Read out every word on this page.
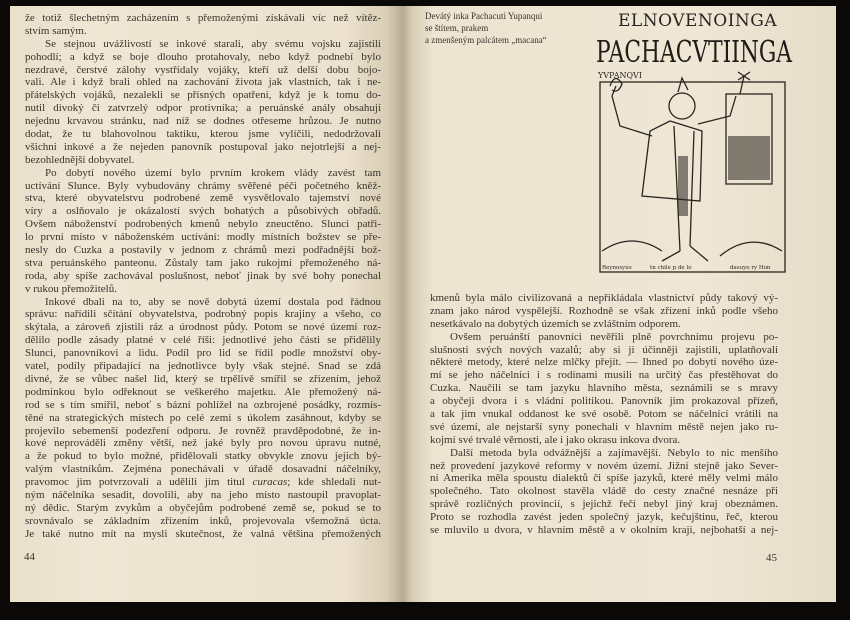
že totiž šlechetným zacházením s přemoženými získávali víc než vítěz-
stvím samým.
Se stejnou uvážlivostí se inkové starali, aby svému vojsku zajistili
pohodlí; a když se boje dlouho protahovaly, nebo když podnebí bylo
nezdravé, čerstvé zálohy vystřídaly vojáky, kteří už delší dobu bojo-
vali. Ale i když brali ohled na zachování života jak vlastních, tak i ne-
přátelských vojáků, nezalekli se přísných opatření, když je k tomu do-
nutil divoký či zatvrzelý odpor protivníka; a peruánské anály obsahují
nejednu krvavou stránku, nad níž se dodnes otřeseme hrůzou. Je nutno
dodat, že tu blahovolnou taktiku, kterou jsme vylíčili, nedodržovali
všichni inkové a že nejeden panovník postupoval jako nejotrlejší a nej-
bezohlednější dobyvatel.
Po dobytí nového území bylo prvním krokem vlády zavést tam
uctívání Slunce. Byly vybudovány chrámy svěřené péči početného kněž-
stva, které obyvatelstvu podrobené země vysvětlovalo tajemství nové
víry a oslňovalo je okázalostí svých bohatých a působivých obřadů.
Ovšem náboženství podrobených kmenů nebylo zneuctěno. Slunci patři-
lo první místo v náboženském uctívání: modly místních božstev se pře-
nesly do Cuzka a postavily v jednom z chrámů mezi podřadnější bož-
stva peruánského panteonu. Zůstaly tam jako rukojmí přemoženého ná-
roda, aby spíše zachovával poslušnost, neboť jinak by své bohy ponechal
v rukou přemožitelů.
Inkové dbali na to, aby se nově dobytá území dostala pod řádnou
správu: nařídili sčítání obyvatelstva, podrobný popis krajiny a všeho, co
skýtala, a zároveň zjistili ráz a úrodnost půdy. Potom se nové území roz-
dělilo podle zásady platné v celé říši: jednotlivé jeho části se přidělily
Slunci, panovníkovi a lidu. Podíl pro lid se řídil podle množství oby-
vatel, podíly připadající na jednotlivce byly však stejné. Snad se zdá
divné, že se vůbec našel lid, který se trpělivě smířil se zřízením, jehož
podmínkou bylo odřeknout se veškerého majetku. Ale přemožený ná-
rod se s tím smířil, neboť s bázní pohlížel na ozbrojené posádky, rozmís-
těné na strategických místech po celé zemi s úkolem zasáhnout, kdyby se
projevilo sebemenší podezření odporu. Je rovněž pravděpodobné, že in-
kové neprováděli změny větší, než jaké byly pro novou úpravu nutné,
a že pokud to bylo možné, přidělovali statky obvykle znovu jejich bý-
valým vlastníkům. Zejména ponechávali v úřadě dosavadní náčelníky,
pravomoc jim potvrzovali a udělili jim titul curacas; kde shledali nut-
ným náčelníka sesadit, dovolili, aby na jeho místo nastoupil pravoplat-
ný dědic. Starým zvykům a obyčejům podrobené země se, pokud se to
srovnávalo se základním zřízením inků, projevovala všemožná úcta.
Je také nutno mít na mysli skutečnost, že valná většina přemožených
44
Devátý inka Pachacuti Yupanqui
se štítem, prakem
a zmenšeným palcátem „macana“
ELNOVENOINGA
PACHACVTIINGA
YVPANQVI
Reynosyus	tn chile p de lo	dasuyo ry Hon
kmenů byla málo civilizovaná a nepřikládala vlastnictví půdy takový vý-
znam jako národ vyspělejší. Rozhodně se však zřízení inků podle všeho
nesetkávalo na dobytých územích se zvláštním odporem.
Ovšem peruánští panovníci nevěřili plně povrchnímu projevu po-
slušnosti svých nových vazalů; aby si ji účinněji zajistili, uplatňovali
některé metody, které nelze mlčky přejít. — Ihned po dobytí nového úze-
mí se jeho náčelníci i s rodinami musili na určitý čas přestěhovat do
Cuzka. Naučili se tam jazyku hlavního města, seznámili se s mravy
a obyčeji dvora i s vládní politikou. Panovník jim prokazoval přízeň,
a tak jim vnukal oddanost ke své osobě. Potom se náčelníci vrátili na
své území, ale nejstarší syny ponechali v hlavním městě nejen jako ru-
kojmí své trvalé věrnosti, ale i jako okrasu inkova dvora.
Další metoda byla odvážnější a zajímavější. Nebylo to nic menšího
než provedení jazykové reformy v novém území. Jižní stejně jako Sever-
ní Amerika měla spoustu dialektů či spíše jazyků, které měly velmi málo
společného. Tato okolnost stavěla vládě do cesty značné nesnáze při
správě rozličných provincií, s jejichž řečí nebyl jiný kraj obeznámen.
Proto se rozhodla zavést jeden společný jazyk, kečujštinu, řeč, kterou
se mluvilo u dvora, v hlavním městě a v okolním kraji, nejbohatší a nej-
45
